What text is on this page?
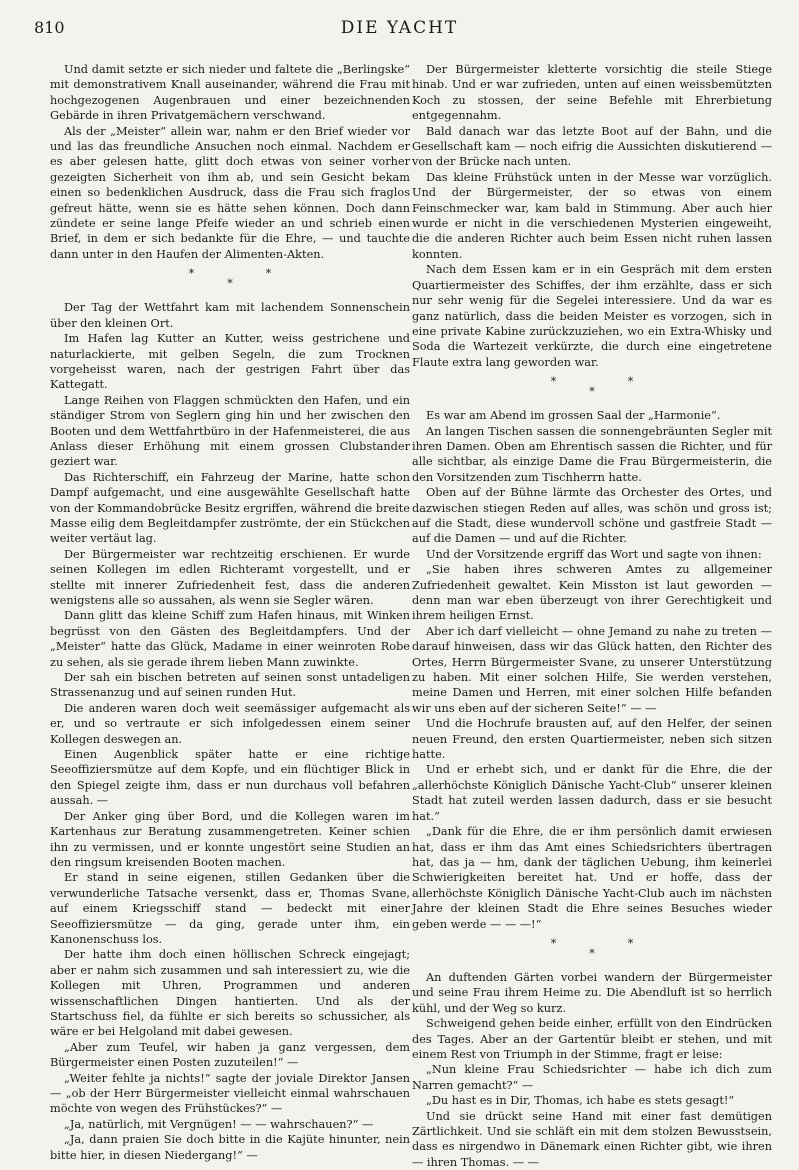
810	DIE YACHT

Und damit setzte er sich nieder und faltete die „Berlingske“ mit demonstrativem Knall auseinander, während die Frau mit hochgezogenen Augenbrauen und einer bezeichnenden Gebärde in ihren Privatgemächern verschwand.

Als der „Meister“ allein war, nahm er den Brief wieder vor und las das freundliche Ansuchen noch einmal. Nachdem er es aber gelesen hatte, glitt doch etwas von seiner vorher gezeigten Sicherheit von ihm ab, und sein Gesicht bekam einen so bedenklichen Ausdruck, dass die Frau sich fraglos gefreut hätte, wenn sie es hätte sehen können. Doch dann zündete er seine lange Pfeife wieder an und schrieb einen Brief, in dem er sich bedankte für die Ehre, — und tauchte dann unter in den Haufen der Alimenten-Akten.

* *
*

Der Tag der Wettfahrt kam mit lachendem Sonnenschein über den kleinen Ort.

Im Hafen lag Kutter an Kutter, weiss gestrichene und naturlackierte, mit gelben Segeln, die zum Trocknen vorgeheisst waren, nach der gestrigen Fahrt über das Kattegatt.

Lange Reihen von Flaggen schmückten den Hafen, und ein ständiger Strom von Seglern ging hin und her zwischen den Booten und dem Wettfahrtbüro in der Hafenmeisterei, die aus Anlass dieser Erhöhung mit einem grossen Clubstander geziert war.

Das Richterschiff, ein Fahrzeug der Marine, hatte schon Dampf aufgemacht, und eine ausgewählte Gesellschaft hatte von der Kommandobrücke Besitz ergriffen, während die breite Masse eilig dem Begleitdampfer zuströmte, der ein Stückchen weiter vertäut lag.

Der Bürgermeister war rechtzeitig erschienen. Er wurde seinen Kollegen im edlen Richteramt vorgestellt, und er stellte mit innerer Zufriedenheit fest, dass die anderen wenigstens alle so aussahen, als wenn sie Segler wären.

Dann glitt das kleine Schiff zum Hafen hinaus, mit Winken begrüsst von den Gästen des Begleitdampfers. Und der „Meister“ hatte das Glück, Madame in einer weinroten Robe zu sehen, als sie gerade ihrem lieben Mann zuwinkte.

Der sah ein bischen betreten auf seinen sonst untadeligen Strassenanzug und auf seinen runden Hut.

Die anderen waren doch weit seemässiger aufgemacht als er, und so vertraute er sich infolgedessen einem seiner Kollegen deswegen an.

Einen Augenblick später hatte er eine richtige Seeoffiziersmütze auf dem Kopfe, und ein flüchtiger Blick in den Spiegel zeigte ihm, dass er nun durchaus voll befahren aussah. —

Der Anker ging über Bord, und die Kollegen waren im Kartenhaus zur Beratung zusammengetreten. Keiner schien ihn zu vermissen, und er konnte ungestört seine Studien an den ringsum kreisenden Booten machen.

Er stand in seine eigenen, stillen Gedanken über die verwunderliche Tatsache versenkt, dass er, Thomas Svane, auf einem Kriegsschiff stand — bedeckt mit einer Seeoffiziersmütze — da ging, gerade unter ihm, ein Kanonenschuss los.

Der hatte ihm doch einen höllischen Schreck eingejagt; aber er nahm sich zusammen und sah interessiert zu, wie die Kollegen mit Uhren, Programmen und anderen wissenschaftlichen Dingen hantierten. Und als der Startschuss fiel, da fühlte er sich bereits so schussicher, als wäre er bei Helgoland mit dabei gewesen.

„Aber zum Teufel, wir haben ja ganz vergessen, dem Bürgermeister einen Posten zuzuteilen!“ —

„Weiter fehlte ja nichts!“ sagte der joviale Direktor Jansen — „ob der Herr Bürgermeister vielleicht einmal wahrschauen möchte von wegen des Frühstückes?“ —

„Ja, natürlich, mit Vergnügen! — — wahrschauen?“ —

„Ja, dann praien Sie doch bitte in die Kajüte hinunter, nein bitte hier, in diesen Niedergang!“ —

Der Bürgermeister kletterte vorsichtig die steile Stiege hinab. Und er war zufrieden, unten auf einen weissbemützten Koch zu stossen, der seine Befehle mit Ehrerbietung entgegennahm.

Bald danach war das letzte Boot auf der Bahn, und die Gesellschaft kam — noch eifrig die Aussichten diskutierend — von der Brücke nach unten.

Das kleine Frühstück unten in der Messe war vorzüglich. Und der Bürgermeister, der so etwas von einem Feinschmecker war, kam bald in Stimmung. Aber auch hier wurde er nicht in die verschiedenen Mysterien eingeweiht, die die anderen Richter auch beim Essen nicht ruhen lassen konnten.

Nach dem Essen kam er in ein Gespräch mit dem ersten Quartiermeister des Schiffes, der ihm erzählte, dass er sich nur sehr wenig für die Segelei interessiere. Und da war es ganz natürlich, dass die beiden Meister es vorzogen, sich in eine private Kabine zurückzuziehen, wo ein Extra-Whisky und Soda die Wartezeit verkürzte, die durch eine eingetretene Flaute extra lang geworden war.

* *
*

Es war am Abend im grossen Saal der „Harmonie“.

An langen Tischen sassen die sonnengebräunten Segler mit ihren Damen. Oben am Ehrentisch sassen die Richter, und für alle sichtbar, als einzige Dame die Frau Bürgermeisterin, die den Vorsitzenden zum Tischherrn hatte.

Oben auf der Bühne lärmte das Orchester des Ortes, und dazwischen stiegen Reden auf alles, was schön und gross ist; auf die Stadt, diese wundervoll schöne und gastfreie Stadt — auf die Damen — und auf die Richter.

Und der Vorsitzende ergriff das Wort und sagte von ihnen:

„Sie haben ihres schweren Amtes zu allgemeiner Zufriedenheit gewaltet. Kein Misston ist laut geworden — denn man war eben überzeugt von ihrer Gerechtigkeit und ihrem heiligen Ernst.

Aber ich darf vielleicht — ohne Jemand zu nahe zu treten — darauf hinweisen, dass wir das Glück hatten, den Richter des Ortes, Herrn Bürgermeister Svane, zu unserer Unterstützung zu haben. Mit einer solchen Hilfe, Sie werden verstehen, meine Damen und Herren, mit einer solchen Hilfe befanden wir uns eben auf der sicheren Seite!“ — —

Und die Hochrufe brausten auf, auf den Helfer, der seinen neuen Freund, den ersten Quartiermeister, neben sich sitzen hatte.

Und er erhebt sich, und er dankt für die Ehre, die der „allerhöchste Königlich Dänische Yacht-Club“ unserer kleinen Stadt hat zuteil werden lassen dadurch, dass er sie besucht hat.“

„Dank für die Ehre, die er ihm persönlich damit erwiesen hat, dass er ihm das Amt eines Schiedsrichters übertragen hat, das ja — hm, dank der täglichen Uebung, ihm keinerlei Schwierigkeiten bereitet hat. Und er hoffe, dass der allerhöchste Königlich Dänische Yacht-Club auch im nächsten Jahre der kleinen Stadt die Ehre seines Besuches wieder geben werde — — —!“

* *
*

An duftenden Gärten vorbei wandern der Bürgermeister und seine Frau ihrem Heime zu. Die Abendluft ist so herrlich kühl, und der Weg so kurz.

Schweigend gehen beide einher, erfüllt von den Eindrücken des Tages. Aber an der Gartentür bleibt er stehen, und mit einem Rest von Triumph in der Stimme, fragt er leise:

„Nun kleine Frau Schiedsrichter — habe ich dich zum Narren gemacht?“ —

„Du hast es in Dir, Thomas, ich habe es stets gesagt!“

Und sie drückt seine Hand mit einer fast demütigen Zärtlichkeit. Und sie schläft ein mit dem stolzen Bewusstsein, dass es nirgendwo in Dänemark einen Richter gibt, wie ihren — ihren Thomas. — —
